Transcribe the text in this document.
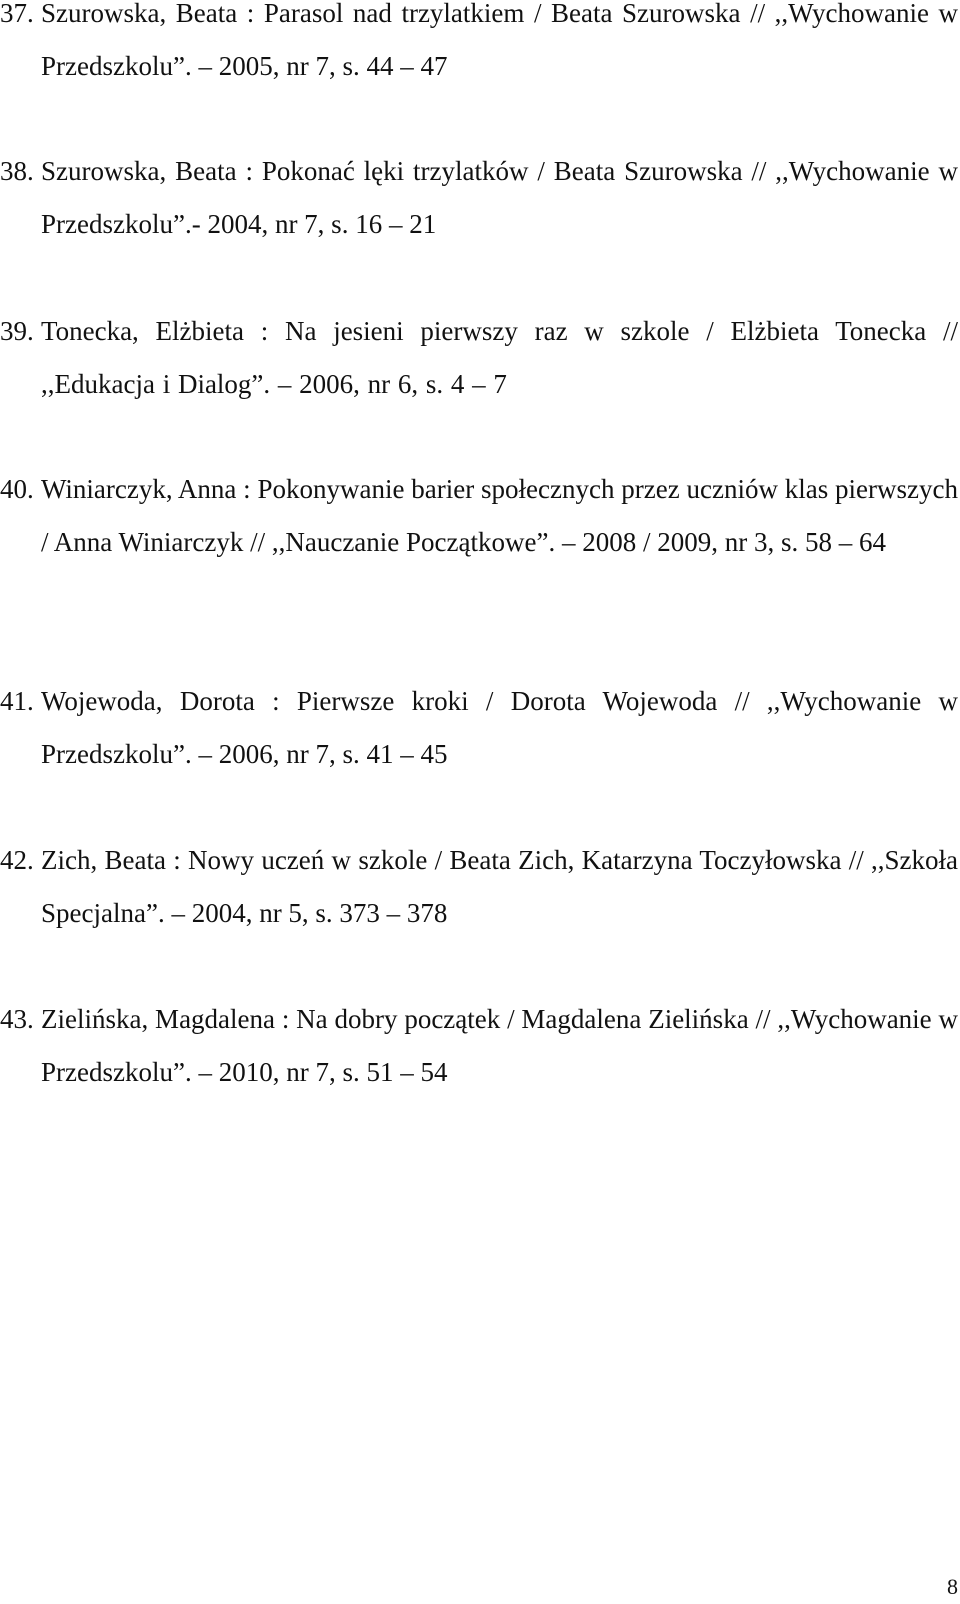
37. Szurowska, Beata : Parasol nad trzylatkiem / Beata Szurowska // ,,Wychowanie w Przedszkolu”. – 2005, nr 7, s. 44 – 47
38. Szurowska, Beata : Pokonać lęki trzylatków / Beata Szurowska // ,,Wychowanie w Przedszkolu”.- 2004, nr 7, s. 16 – 21
39. Tonecka, Elżbieta : Na jesieni pierwszy raz w szkole / Elżbieta Tonecka // ,,Edukacja i Dialog”. – 2006, nr 6, s. 4 – 7
40. Winiarczyk, Anna : Pokonywanie barier społecznych przez uczniów klas pierwszych / Anna Winiarczyk // ,,Nauczanie Początkowe”. – 2008 / 2009, nr 3, s. 58 – 64
41. Wojewoda, Dorota : Pierwsze kroki / Dorota Wojewoda // ,,Wychowanie w Przedszkolu”. – 2006, nr 7, s. 41 – 45
42. Zich, Beata : Nowy uczeń w szkole / Beata Zich, Katarzyna Toczyłowska // ,,Szkoła Specjalna”. – 2004, nr 5, s. 373 – 378
43. Zielińska, Magdalena : Na dobry początek / Magdalena Zielińska // ,,Wychowanie w Przedszkolu”. – 2010, nr 7, s. 51 – 54
8
